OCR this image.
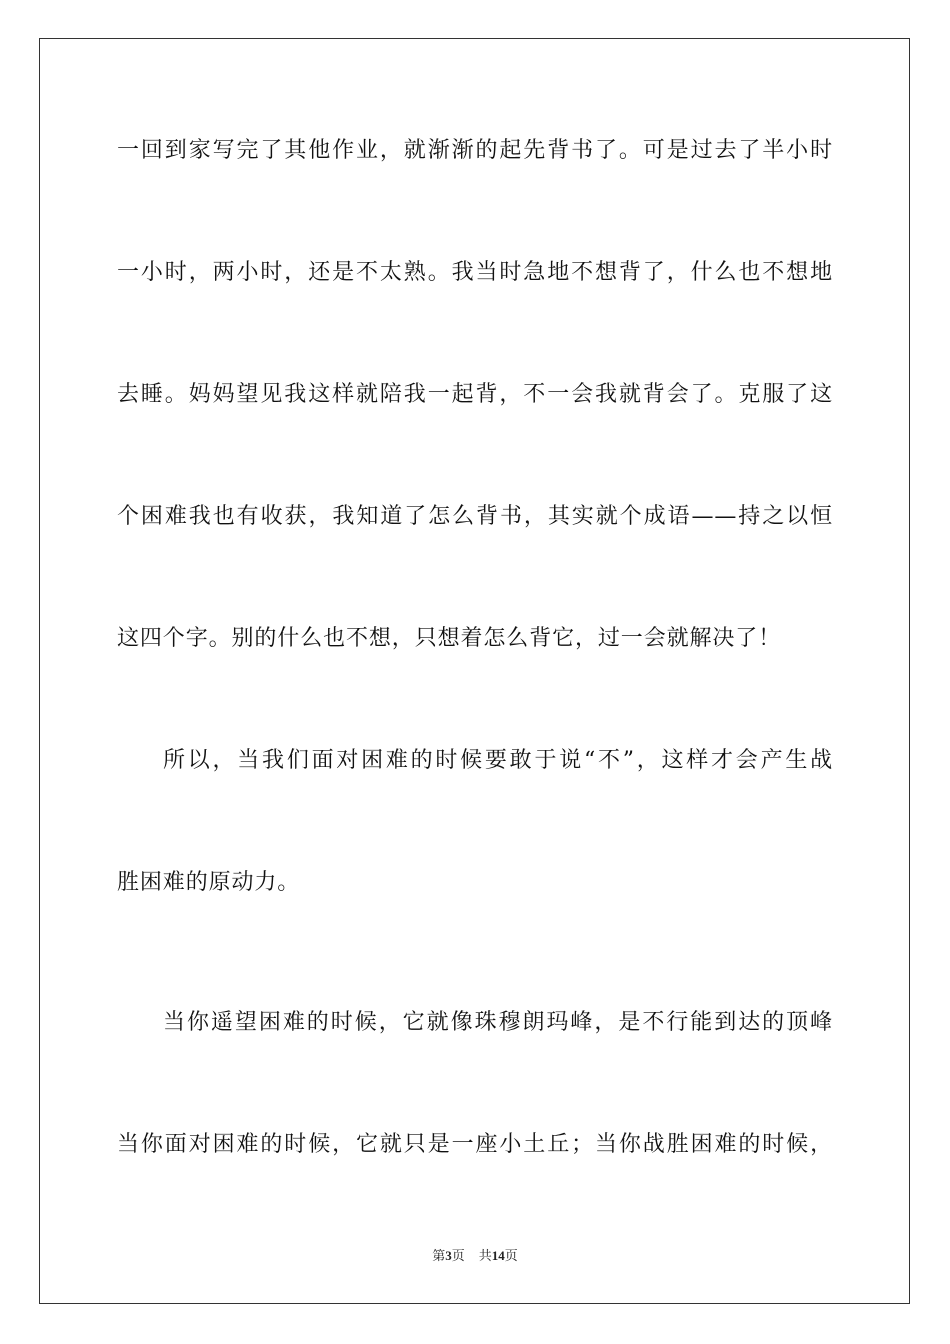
一回到家写完了其他作业，就渐渐的起先背书了。可是过去了半小时
一小时，两小时，还是不太熟。我当时急地不想背了，什么也不想地
去睡。妈妈望见我这样就陪我一起背，不一会我就背会了。克服了这
个困难我也有收获，我知道了怎么背书，其实就个成语——持之以恒
这四个字。别的什么也不想，只想着怎么背它，过一会就解决了！
所以，当我们面对困难的时候要敢于说“不”，这样才会产生战
胜困难的原动力。
当你遥望困难的时候，它就像珠穆朗玛峰，是不行能到达的顶峰
当你面对困难的时候，它就只是一座小土丘；当你战胜困难的时候，
第3页 共14页
